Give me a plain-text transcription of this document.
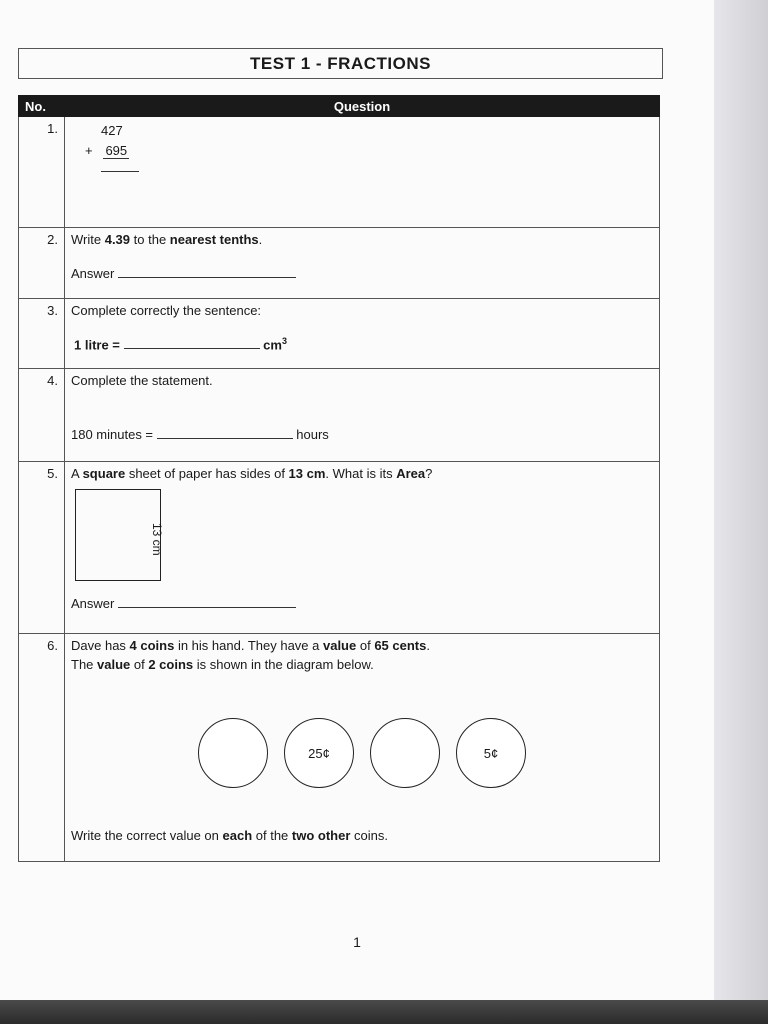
TEST 1 - FRACTIONS
No.	Question
1.	427
+ 695

2.	Write 4.39 to the nearest tenths.
Answer

3.	Complete correctly the sentence:
1 litre = $cm^3$

4.	Complete the statement.
180 minutes = hours

5.	A square sheet of paper has sides of 13 cm. What is its Area?
13 cm
Answer

6.	Dave has 4 coins in his hand. They have a value of 65 cents.
The value of 2 coins is shown in the diagram below.
25¢ 5¢
Write the correct value on each of the two other coins.
1
